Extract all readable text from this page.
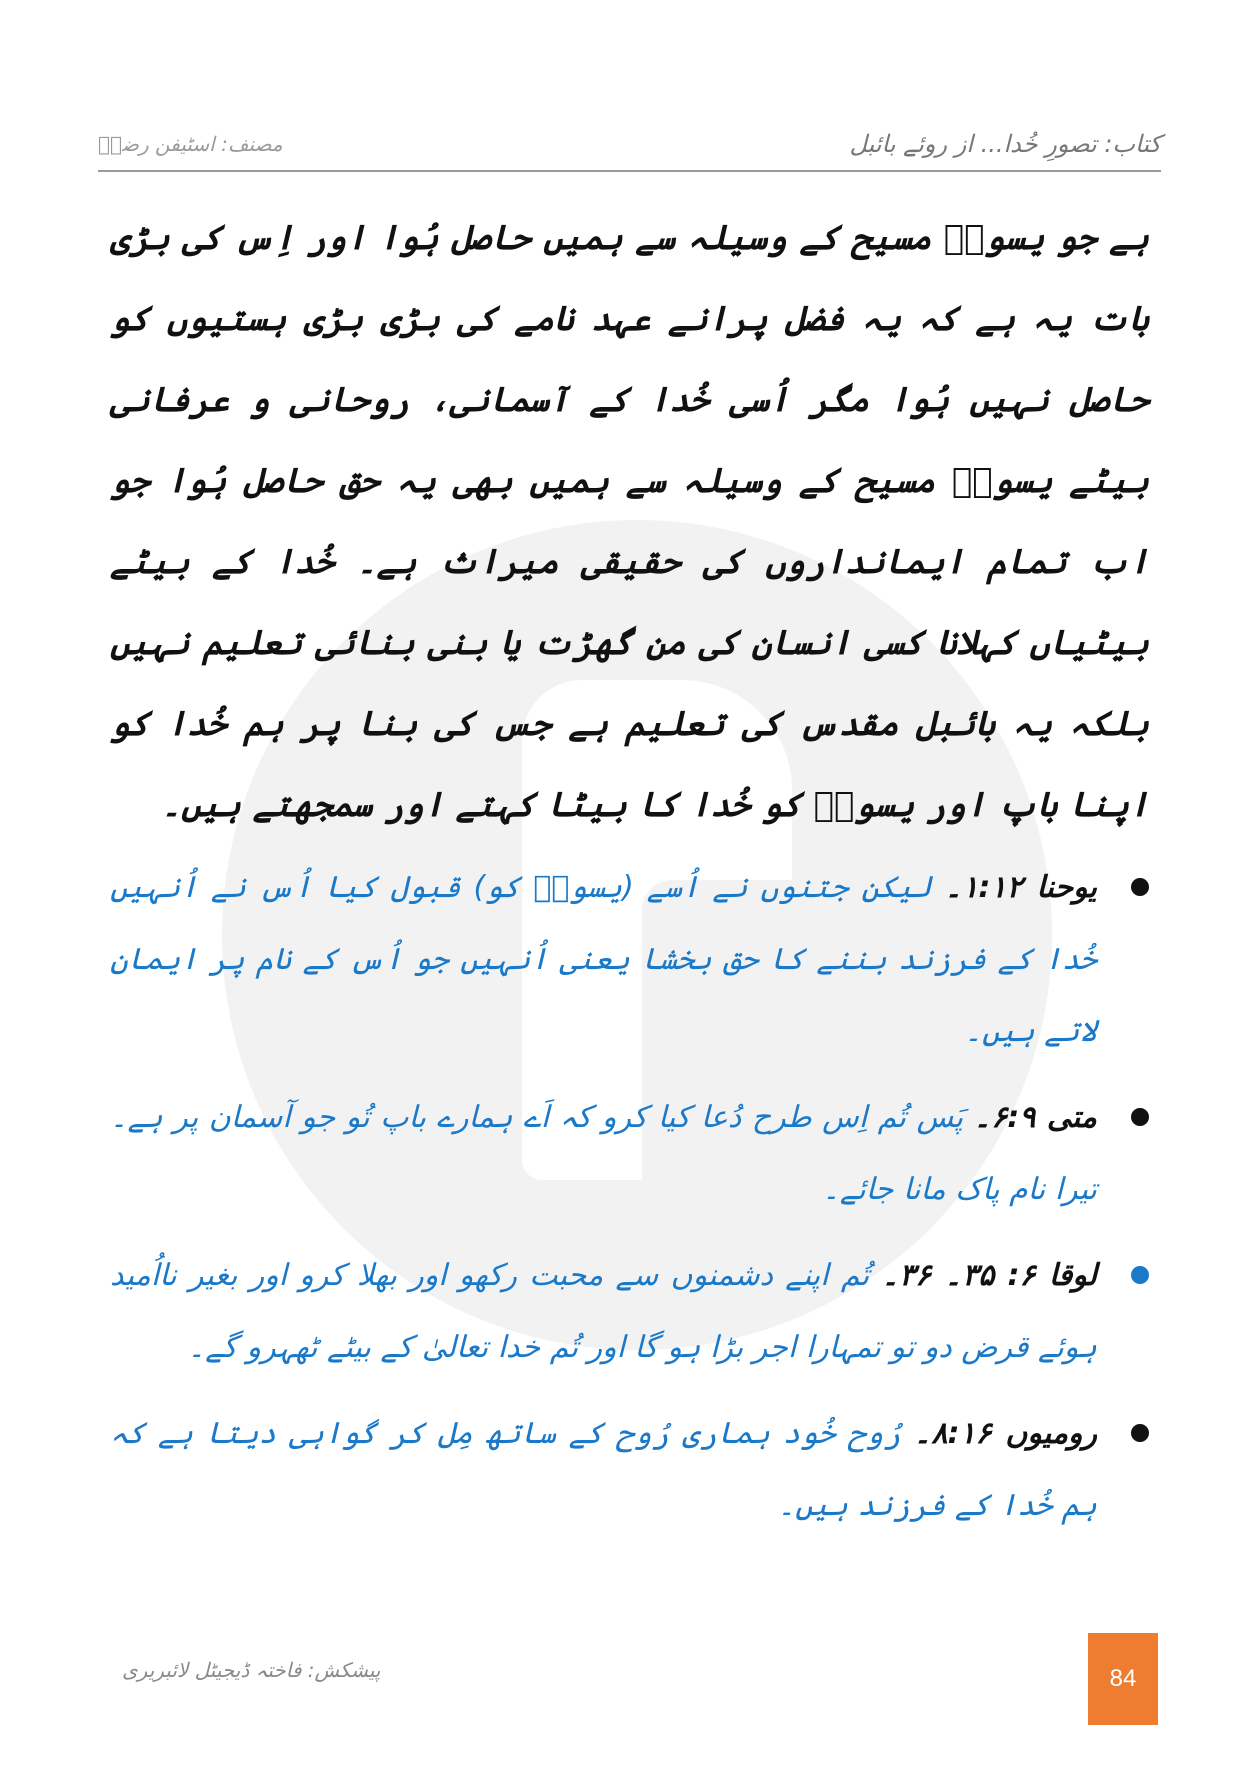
کتاب: تصورِ خُدا... از روئے بائبل
مصنف: اسٹیفن رضاؔ

ہے جو یسوعؔ مسیح کے وسیلہ سے ہمیں حاصل ہُوا اور اِس کی بڑی بات یہ ہے کہ یہ فضل پرانے عہد نامے کی بڑی بڑی ہستیوں کو حاصل نہیں ہُوا مگر اُسی خُدا کے آسمانی، روحانی و عرفانی بیٹے یسوعؔ مسیح کے وسیلہ سے ہمیں بھی یہ حق حاصل ہُوا جو اب تمام ایمانداروں کی حقیقی میراث ہے۔ خُدا کے بیٹے بیٹیاں کہلانا کسی انسان کی من گھڑت یا بنی بنائی تعلیم نہیں بلکہ یہ بائبل مقدس کی تعلیم ہے جس کی بنا پر ہم خُدا کو اپنا باپ اور یسوعؔ کو خُدا کا بیٹا کہتے اور سمجھتے ہیں۔

یوحنا ۱:۱۲۔ لیکن جتنوں نے اُسے (یسوعؔ کو) قبول کیا اُس نے اُنہیں خُدا کے فرزند بننے کا حق بخشا یعنی اُنہیں جو اُس کے نام پر ایمان لاتے ہیں۔
متی ۶:۹۔ پَس تُم اِس طرح دُعا کیا کرو کہ اَے ہمارے باپ تُو جو آسمان پر ہے۔ تیرا نام پاک مانا جائے۔
لوقا ۶: ۳۵۔ ۳۶۔ تُم اپنے دشمنوں سے محبت رکھو اور بھلا کرو اور بغیر نااُمید ہوئے قرض دو تو تمہارا اجر بڑا ہو گا اور تُم خدا تعالیٰ کے بیٹے ٹھہرو گے۔
رومیوں ۸:۱۶۔ رُوح خُود ہماری رُوح کے ساتھ مِل کر گواہی دیتا ہے کہ ہم خُدا کے فرزند ہیں۔
پیشکش: فاختہ ڈیجیٹل لائبریری	84
